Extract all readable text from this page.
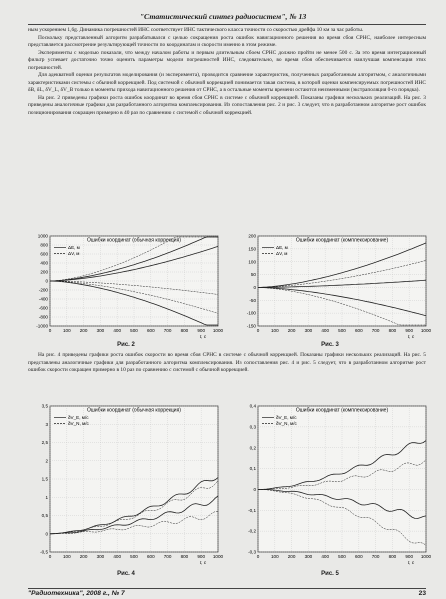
"Статистический синтез радиосистем", № 13

ным ускорением 1,6g. Динамика погрешностей ИНС соответствует ИНС тактического класса точности со скоростью дрейфа 10 км за час работы.

Поскольку представленный алгоритм разрабатывался с целью сокращения роста ошибок навигационного решения во время сбоя СРНС, наиболее интересным представляется рассмотрение результирующей точности по координатам и скорости именно в этом режиме.

Эксперименты с моделью показали, что между началом работы и первым длительным сбоем СРНС должно пройти не менее 500 с. За это время интеграционный фильтр успевает достаточно точно оценить параметры модели погрешностей ИНС, следовательно, во время сбоя обеспечивается наилучшая компенсация этих погрешностей.

Для адекватной оценки результатов моделирования (и эксперимента), проводится сравнение характеристик, полученных разработанным алгоритмом, с аналогичными характеристиками системы с обычной коррекцией. Под системой с обычной коррекцией понимается такая система, в которой оценки компенсируемых погрешностей ИНС δB, δL, δV_L, δV_B только в моменты прихода навигационного решения от СРНС, а в остальные моменты времени остаются неизменными (экстраполяция 0-го порядка).

На рис. 2 приведены графики роста ошибок координат во время сбоя СРНС в системе с обычной коррекцией. Показаны графики нескольких реализаций. На рис. 3 приведены аналогичные графики для разработанного алгоритма комплексирования. Из сопоставления рис. 2 и рис. 3 следует, что в разработанном алгоритме рост ошибок позиционирования сокращен примерно в 40 раз по сравнению с системой с обычной коррекцией.

Ошибки координат (обычная коррекция)
1000
800
600
400
200
0
-200
-400
-600
-800
-1000
0	100 200 300 400 500 600 700 800 900 1000
t, с
ΔE, м
ΔV, м
Рис. 2
Ошибки координат (комплексирование)
200
150
100
50
0
-50
-100
-150
0	100 200 300 400 500 600 700 800 900 1000
t, с
ΔE, м
ΔV, м
Рис. 3

На рис. 4 приведены графики роста ошибок скорости во время сбоя СРНС в системе с обычной коррекцией. Показаны графики нескольких реализаций. На рис. 5 представлены аналогичные графики для разработанного алгоритма комплексирования. Из сопоставления рис. 4 и рис. 5 следует, что в разработанном алгоритме рост ошибок скорости сокращен примерно в 10 раз по сравнению с системой с обычной коррекцией.

Ошибки координат (обычная коррекция)
3,5
3
2,5
2
1,5
1
0,5
0
-0,5
0	100 200 300 400 500 600 700 800 900 1000
t, с
δV_E, м/с
δV_N, м/с
Рис. 4
Ошибки координат (комплексирование)
0,4
0,3
0,2
0,1
0
-0,1
-0,2
-0,3
0	100 200 300 400 500 600 700 800 900 1000
t, с
δV_E, м/с
δV_N, м/с
Рис. 5
"Радиотехника", 2008 г., № 7	23
